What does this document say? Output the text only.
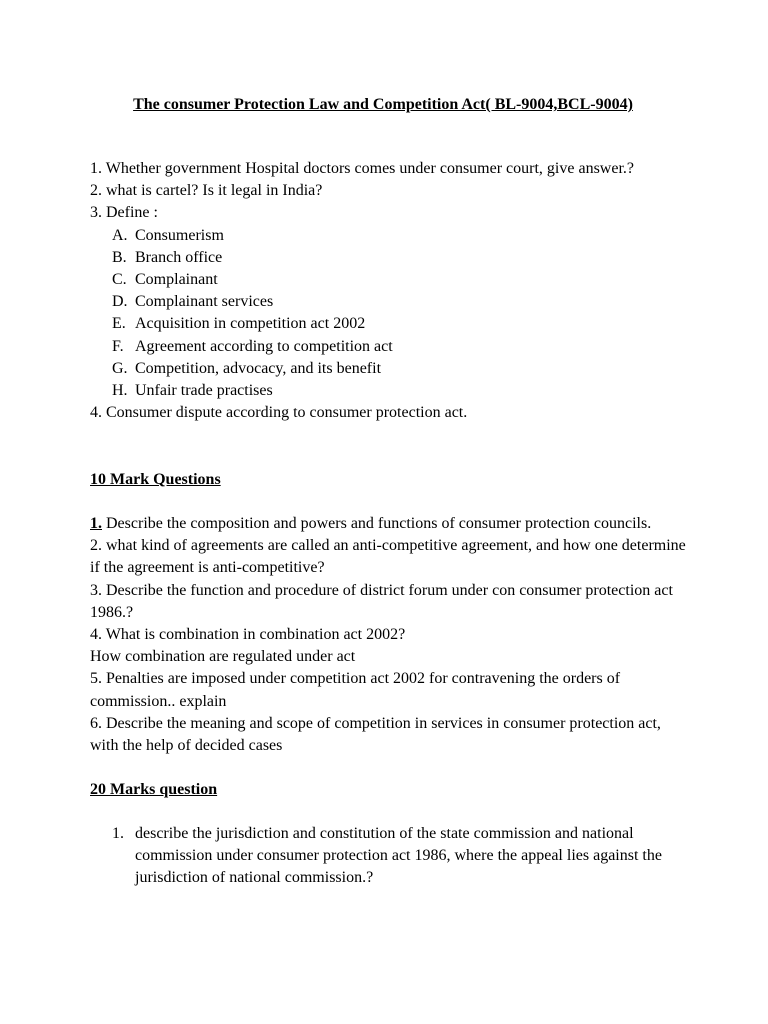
The consumer Protection Law and Competition Act( BL-9004,BCL-9004)
1. Whether government Hospital doctors comes under consumer court, give answer.?
2. what is cartel? Is it legal in India?
3. Define :
A. Consumerism
B. Branch office
C. Complainant
D. Complainant services
E. Acquisition in competition act 2002
F. Agreement according to competition act
G. Competition, advocacy, and its benefit
H. Unfair trade practises
4. Consumer dispute according to consumer protection act.
10 Mark Questions
1. Describe the composition and powers and functions of consumer protection councils.
2. what kind of agreements are called an anti-competitive agreement, and how one determine if the agreement is anti-competitive?
3. Describe the function and procedure of district forum under con consumer protection act 1986.?
4. What is combination in combination act 2002?
How combination are regulated under act
5. Penalties are imposed under competition act 2002 for contravening the orders of commission.. explain
6. Describe the meaning and scope of competition in services in consumer protection act, with the help of decided cases
20 Marks question
1. describe the jurisdiction and constitution of the state commission and national commission under consumer protection act 1986, where the appeal lies against the jurisdiction of national commission.?
